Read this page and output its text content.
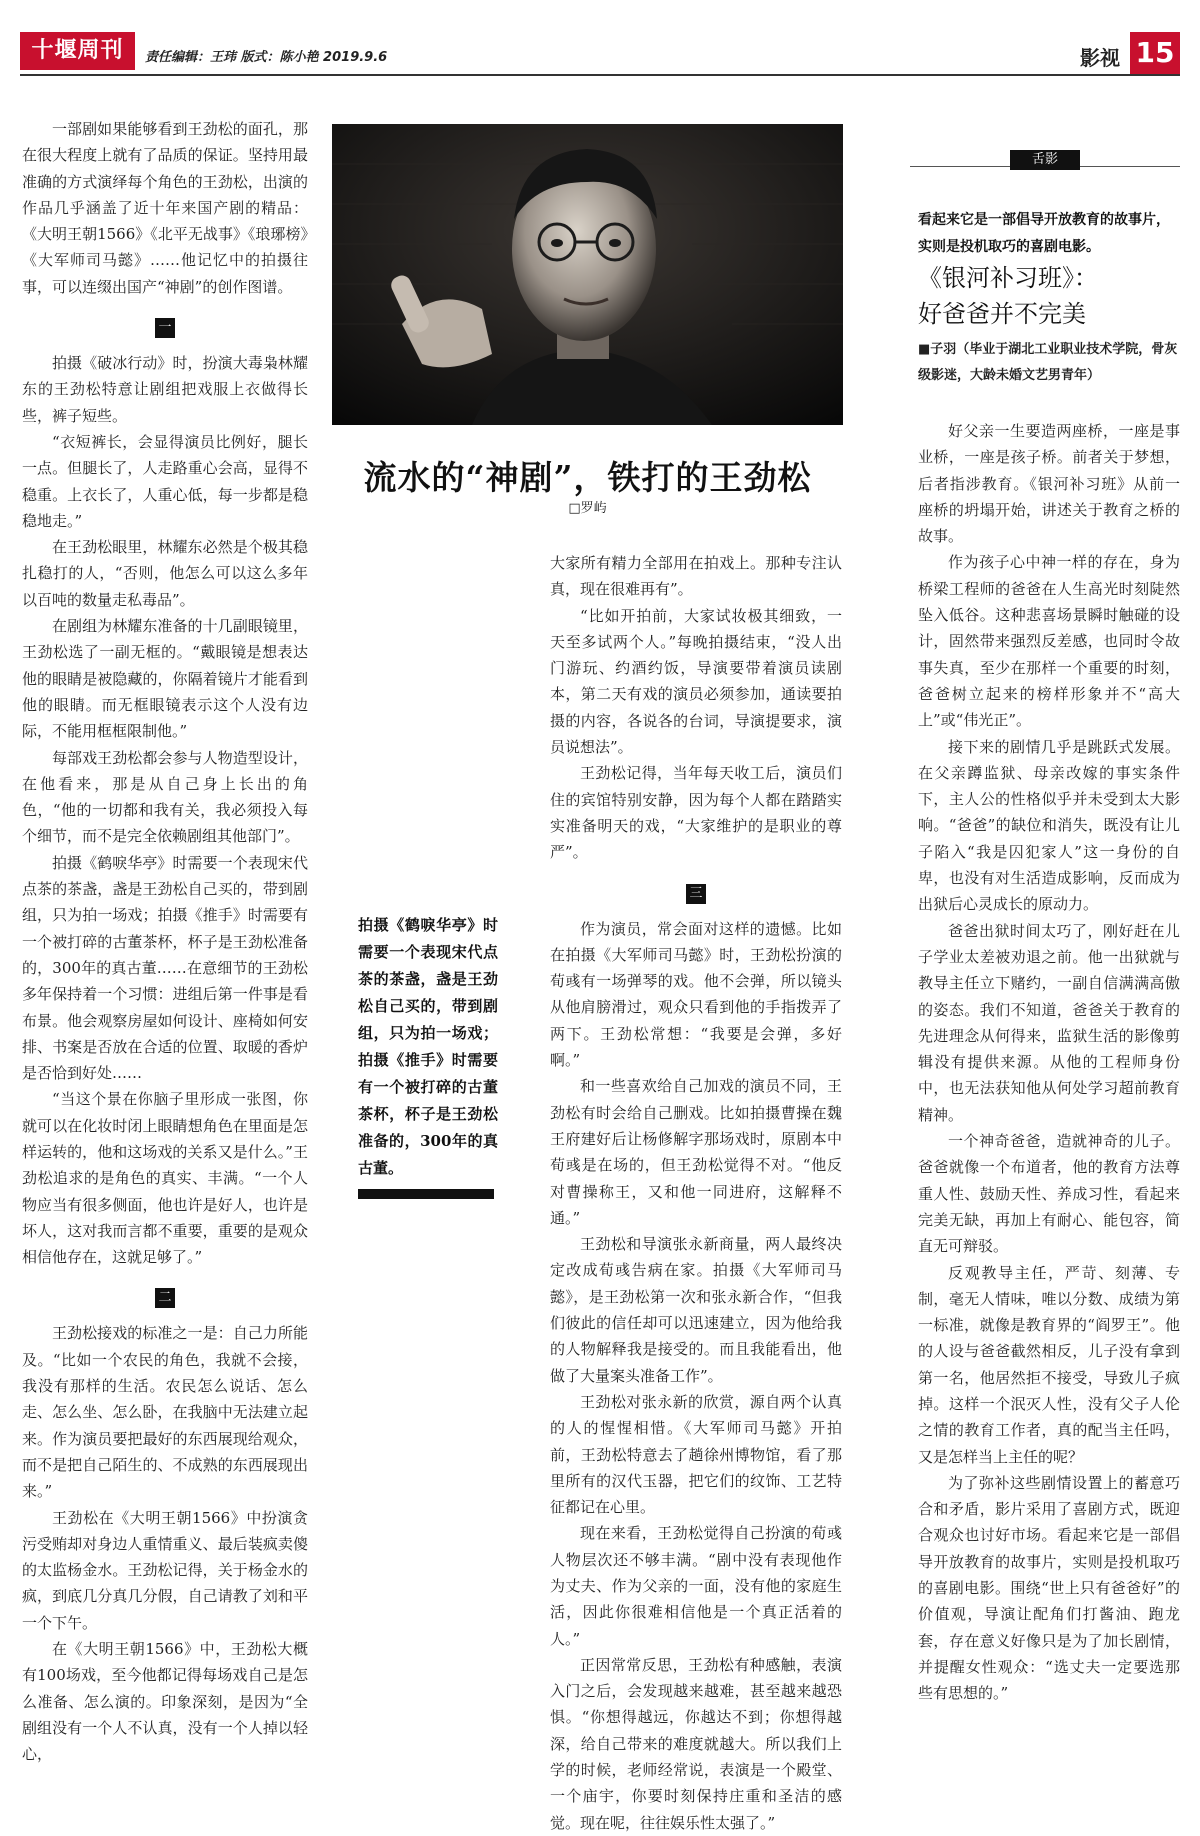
十堰周刊	责任编辑：王玮 版式：陈小艳 2019.9.6	影视 15

一部剧如果能够看到王劲松的面孔，那在很大程度上就有了品质的保证。坚持用最准确的方式演绎每个角色的王劲松，出演的作品几乎涵盖了近十年来国产剧的精品：《大明王朝1566》《北平无战事》《琅琊榜》《大军师司马懿》……他记忆中的拍摄往事，可以连缀出国产“神剧”的创作图谱。

一

拍摄《破冰行动》时，扮演大毒枭林耀东的王劲松特意让剧组把戏服上衣做得长些，裤子短些。

“衣短裤长，会显得演员比例好，腿长一点。但腿长了，人走路重心会高，显得不稳重。上衣长了，人重心低，每一步都是稳稳地走。”

在王劲松眼里，林耀东必然是个极其稳扎稳打的人，“否则，他怎么可以这么多年以百吨的数量走私毒品”。

在剧组为林耀东准备的十几副眼镜里，王劲松选了一副无框的。“戴眼镜是想表达他的眼睛是被隐藏的，你隔着镜片才能看到他的眼睛。而无框眼镜表示这个人没有边际，不能用框框限制他。”

每部戏王劲松都会参与人物造型设计，在他看来，那是从自己身上长出的角色，“他的一切都和我有关，我必须投入每个细节，而不是完全依赖剧组其他部门”。

拍摄《鹤唳华亭》时需要一个表现宋代点茶的茶盏，盏是王劲松自己买的，带到剧组，只为拍一场戏；拍摄《推手》时需要有一个被打碎的古董茶杯，杯子是王劲松准备的，300年的真古董……在意细节的王劲松多年保持着一个习惯：进组后第一件事是看布景。他会观察房屋如何设计、座椅如何安排、书案是否放在合适的位置、取暖的香炉是否恰到好处……

“当这个景在你脑子里形成一张图，你就可以在化妆时闭上眼睛想角色在里面是怎样运转的，他和这场戏的关系又是什么。”王劲松追求的是角色的真实、丰满。“一个人物应当有很多侧面，他也许是好人，也许是坏人，这对我而言都不重要，重要的是观众相信他存在，这就足够了。”

二

王劲松接戏的标准之一是：自己力所能及。“比如一个农民的角色，我就不会接，我没有那样的生活。农民怎么说话、怎么走、怎么坐、怎么卧，在我脑中无法建立起来。作为演员要把最好的东西展现给观众，而不是把自己陌生的、不成熟的东西展现出来。”

王劲松在《大明王朝1566》中扮演贪污受贿却对身边人重情重义、最后装疯卖傻的太监杨金水。王劲松记得，关于杨金水的疯，到底几分真几分假，自己请教了刘和平一个下午。

在《大明王朝1566》中，王劲松大概有100场戏，至今他都记得每场戏自己是怎么准备、怎么演的。印象深刻，是因为“全剧组没有一个人不认真，没有一个人掉以轻心，

流水的“神剧”，铁打的王劲松
□罗屿
拍摄《鹤唳华亭》时需要一个表现宋代点茶的茶盏，盏是王劲松自己买的，带到剧组，只为拍一场戏；拍摄《推手》时需要有一个被打碎的古董茶杯，杯子是王劲松准备的，300年的真古董。

大家所有精力全部用在拍戏上。那种专注认真，现在很难再有”。

“比如开拍前，大家试妆极其细致，一天至多试两个人。”每晚拍摄结束，“没人出门游玩、约酒约饭，导演要带着演员读剧本，第二天有戏的演员必须参加，通读要拍摄的内容，各说各的台词，导演提要求，演员说想法”。

王劲松记得，当年每天收工后，演员们住的宾馆特别安静，因为每个人都在踏踏实实准备明天的戏，“大家维护的是职业的尊严”。

三

作为演员，常会面对这样的遗憾。比如在拍摄《大军师司马懿》时，王劲松扮演的荀彧有一场弹琴的戏。他不会弹，所以镜头从他肩膀滑过，观众只看到他的手指拨弄了两下。王劲松常想：“我要是会弹，多好啊。”

和一些喜欢给自己加戏的演员不同，王劲松有时会给自己删戏。比如拍摄曹操在魏王府建好后让杨修解字那场戏时，原剧本中荀彧是在场的，但王劲松觉得不对。“他反对曹操称王，又和他一同进府，这解释不通。”

王劲松和导演张永新商量，两人最终决定改成荀彧告病在家。拍摄《大军师司马懿》，是王劲松第一次和张永新合作，“但我们彼此的信任却可以迅速建立，因为他给我的人物解释我是接受的。而且我能看出，他做了大量案头准备工作”。

王劲松对张永新的欣赏，源自两个认真的人的惺惺相惜。《大军师司马懿》开拍前，王劲松特意去了趟徐州博物馆，看了那里所有的汉代玉器，把它们的纹饰、工艺特征都记在心里。

现在来看，王劲松觉得自己扮演的荀彧人物层次还不够丰满。“剧中没有表现他作为丈夫、作为父亲的一面，没有他的家庭生活，因此你很难相信他是一个真正活着的人。”

正因常常反思，王劲松有种感触，表演入门之后，会发现越来越难，甚至越来越恐惧。“你想得越远，你越达不到；你想得越深，给自己带来的难度就越大。所以我们上学的时候，老师经常说，表演是一个殿堂、一个庙宇，你要时刻保持庄重和圣洁的感觉。现在呢，往往娱乐性太强了。”

舌影
看起来它是一部倡导开放教育的故事片，实则是投机取巧的喜剧电影。
《银河补习班》：
好爸爸并不完美
■子羽（毕业于湖北工业职业技术学院，骨灰级影迷，大龄未婚文艺男青年）

好父亲一生要造两座桥，一座是事业桥，一座是孩子桥。前者关于梦想，后者指涉教育。《银河补习班》从前一座桥的坍塌开始，讲述关于教育之桥的故事。

作为孩子心中神一样的存在，身为桥梁工程师的爸爸在人生高光时刻陡然坠入低谷。这种悲喜场景瞬时触碰的设计，固然带来强烈反差感，也同时令故事失真，至少在那样一个重要的时刻，爸爸树立起来的榜样形象并不“高大上”或“伟光正”。

接下来的剧情几乎是跳跃式发展。在父亲蹲监狱、母亲改嫁的事实条件下，主人公的性格似乎并未受到太大影响。“爸爸”的缺位和消失，既没有让儿子陷入“我是囚犯家人”这一身份的自卑，也没有对生活造成影响，反而成为出狱后心灵成长的原动力。

爸爸出狱时间太巧了，刚好赶在儿子学业太差被劝退之前。他一出狱就与教导主任立下赌约，一副自信满满高傲的姿态。我们不知道，爸爸关于教育的先进理念从何得来，监狱生活的影像剪辑没有提供来源。从他的工程师身份中，也无法获知他从何处学习超前教育精神。

一个神奇爸爸，造就神奇的儿子。爸爸就像一个布道者，他的教育方法尊重人性、鼓励天性、养成习性，看起来完美无缺，再加上有耐心、能包容，简直无可辩驳。

反观教导主任，严苛、刻薄、专制，毫无人情味，唯以分数、成绩为第一标准，就像是教育界的“阎罗王”。他的人设与爸爸截然相反，儿子没有拿到第一名，他居然拒不接受，导致儿子疯掉。这样一个泯灭人性，没有父子人伦之情的教育工作者，真的配当主任吗，又是怎样当上主任的呢？

为了弥补这些剧情设置上的蓄意巧合和矛盾，影片采用了喜剧方式，既迎合观众也讨好市场。看起来它是一部倡导开放教育的故事片，实则是投机取巧的喜剧电影。围绕“世上只有爸爸好”的价值观，导演让配角们打酱油、跑龙套，存在意义好像只是为了加长剧情，并提醒女性观众：“选丈夫一定要选那些有思想的。”
